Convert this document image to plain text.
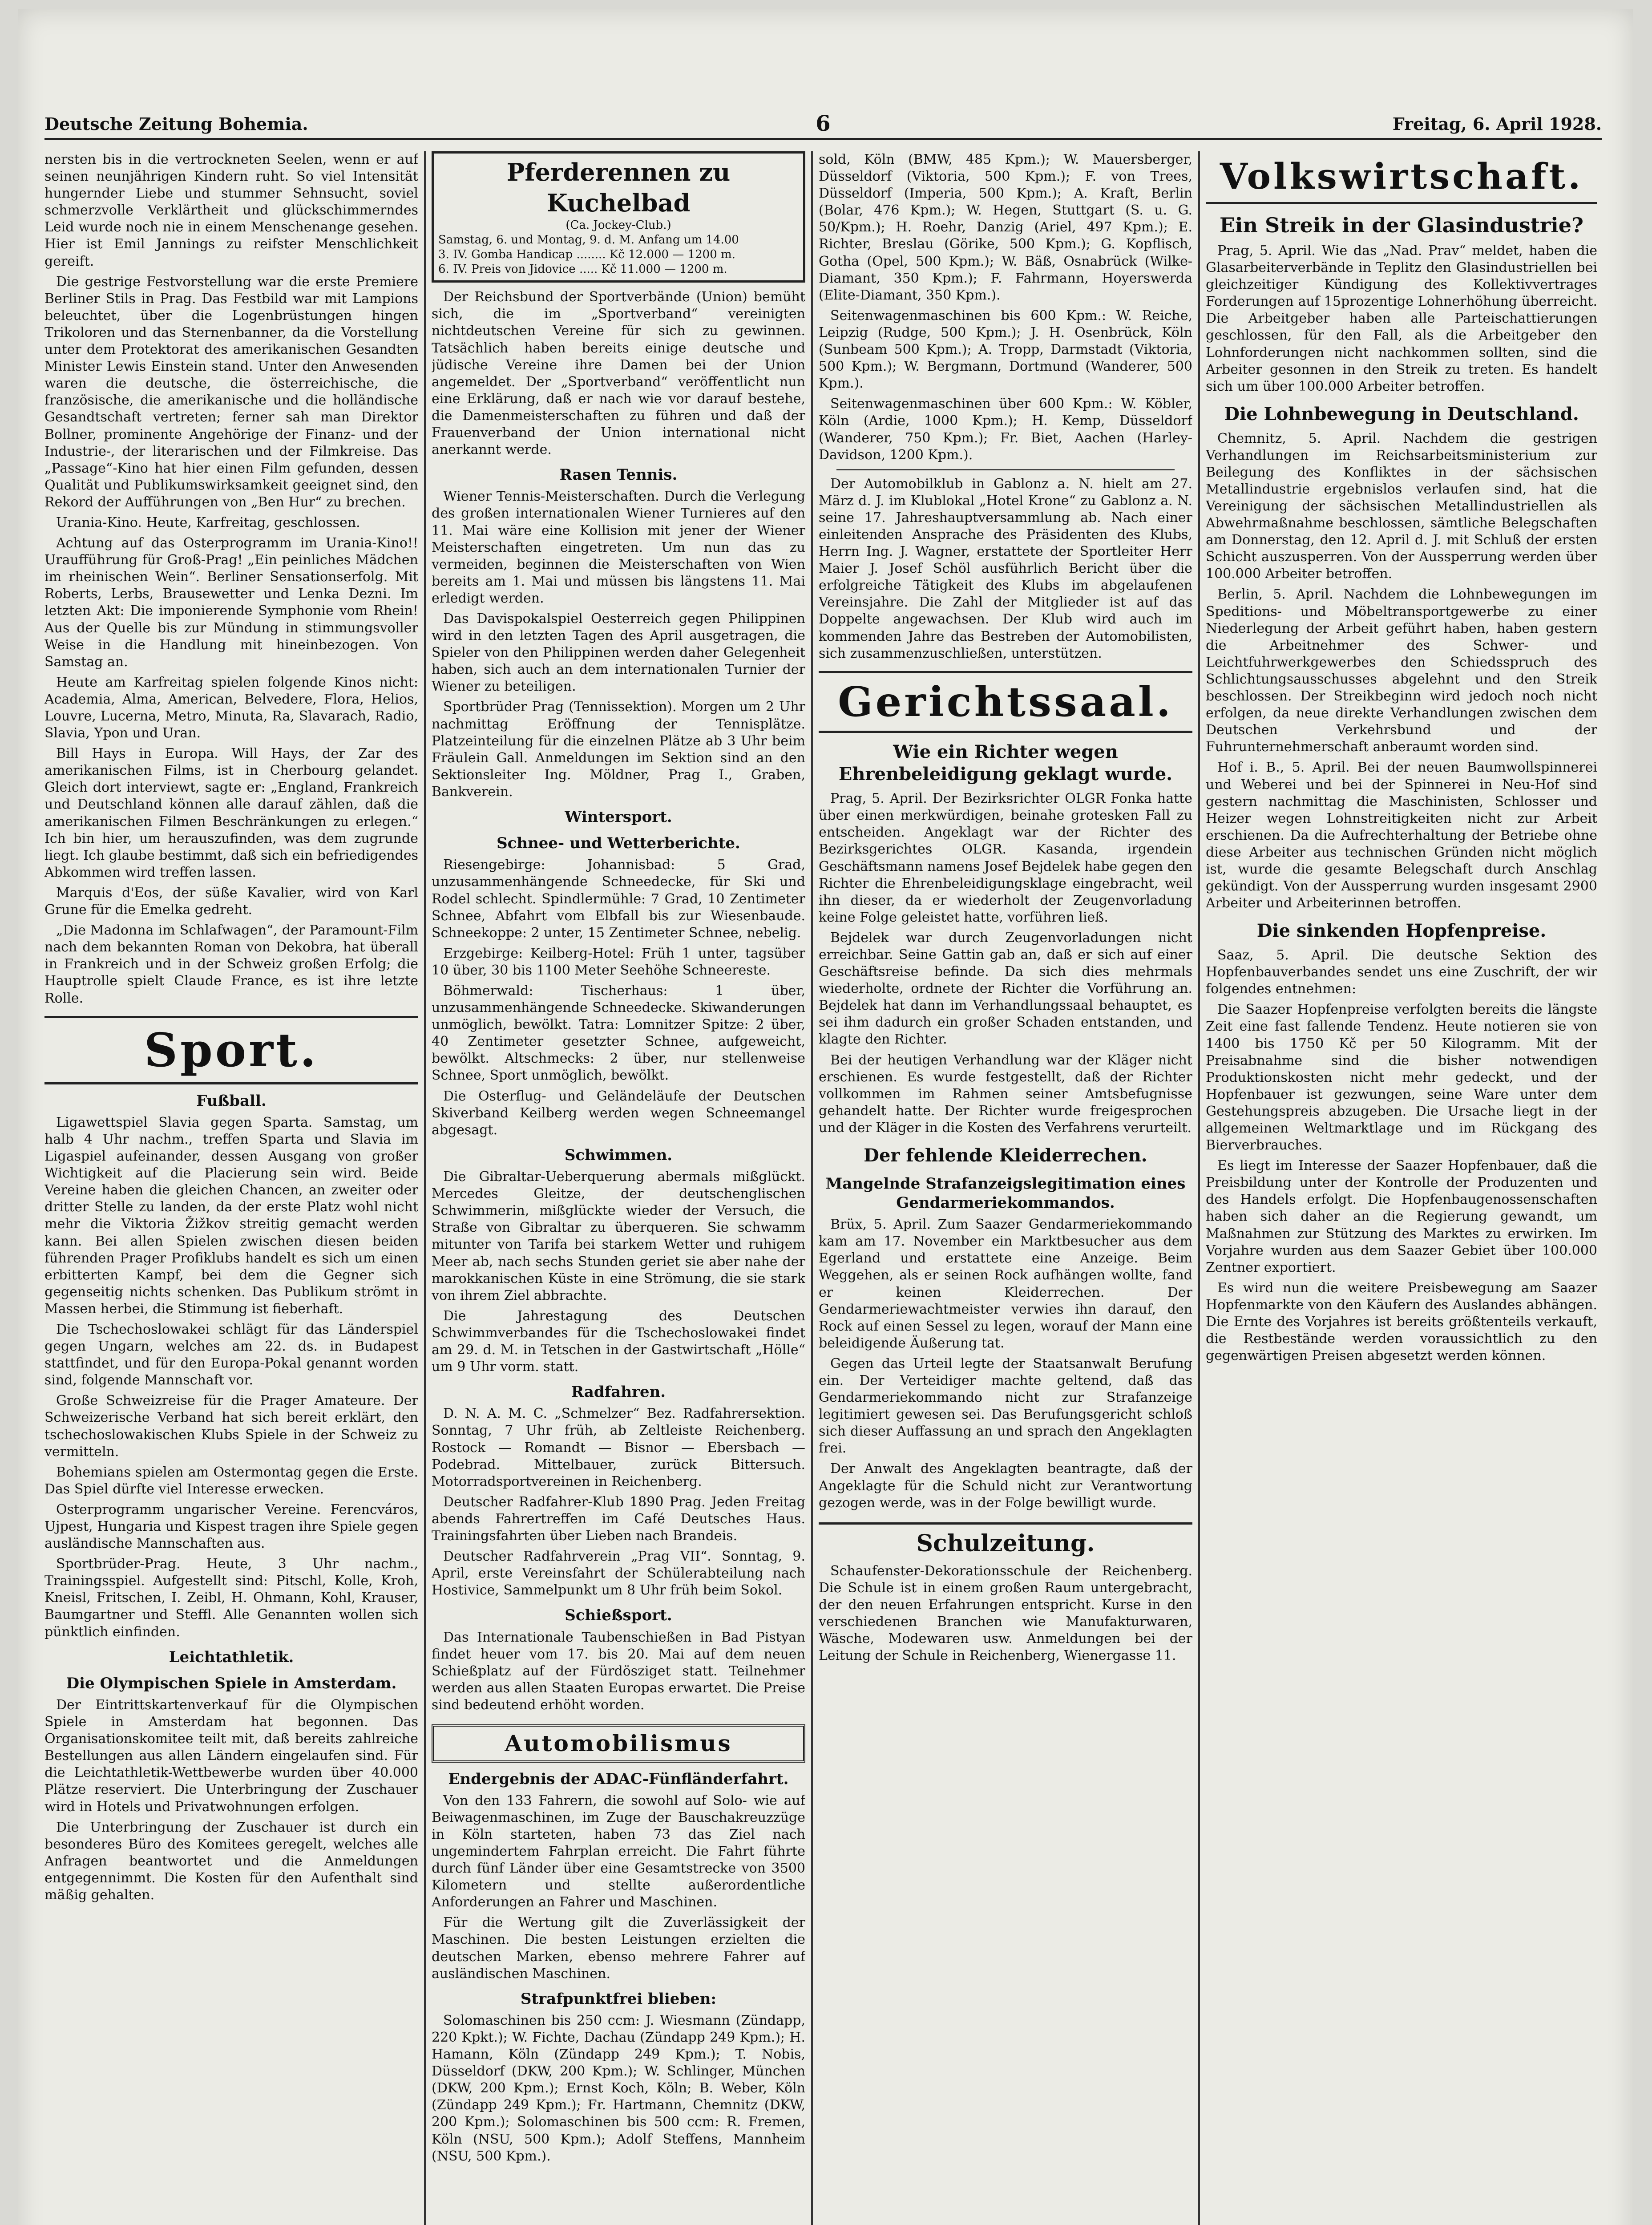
Deutsche Zeitung Bohemia.	6	Freitag, 6. April 1928.

nersten bis in die vertrockneten Seelen, wenn er auf seinen neunjährigen Kindern ruht. So viel Intensität hungernder Liebe und stummer Sehnsucht, soviel schmerzvolle Verklärtheit und glückschimmerndes Leid wurde noch nie in einem Menschenange gesehen. Hier ist Emil Jannings zu reifster Menschlichkeit gereift.

Die gestrige Festvorstellung war die erste Premiere Berliner Stils in Prag. Das Festbild war mit Lampions beleuchtet, über die Logenbrüstungen hingen Trikoloren und das Sternenbanner, da die Vorstellung unter dem Protektorat des amerikanischen Gesandten Minister Lewis Einstein stand. Unter den Anwesenden waren die deutsche, die österreichische, die französische, die amerikanische und die holländische Gesandtschaft vertreten; ferner sah man Direktor Bollner, prominente Angehörige der Finanz- und der Industrie-, der literarischen und der Filmkreise. Das „Passage“-Kino hat hier einen Film gefunden, dessen Qualität und Publikumswirksamkeit geeignet sind, den Rekord der Aufführungen von „Ben Hur“ zu brechen.

Urania-Kino. Heute, Karfreitag, geschlossen.

Achtung auf das Osterprogramm im Urania-Kino!! Uraufführung für Groß-Prag! „Ein peinliches Mädchen im rheinischen Wein“. Berliner Sensationserfolg. Mit Roberts, Lerbs, Brausewetter und Lenka Dezni. Im letzten Akt: Die imponierende Symphonie vom Rhein! Aus der Quelle bis zur Mündung in stimmungsvoller Weise in die Handlung mit hineinbezogen. Von Samstag an.

Heute am Karfreitag spielen folgende Kinos nicht: Academia, Alma, American, Belvedere, Flora, Helios, Louvre, Lucerna, Metro, Minuta, Ra, Slavarach, Radio, Slavia, Ypon und Uran.

Bill Hays in Europa. Will Hays, der Zar des amerikanischen Films, ist in Cherbourg gelandet. Gleich dort interviewt, sagte er: „England, Frankreich und Deutschland können alle darauf zählen, daß die amerikanischen Filmen Beschränkungen zu erlegen.“ Ich bin hier, um herauszufinden, was dem zugrunde liegt. Ich glaube bestimmt, daß sich ein befriedigendes Abkommen wird treffen lassen.

Marquis d'Eos, der süße Kavalier, wird von Karl Grune für die Emelka gedreht.

„Die Madonna im Schlafwagen“, der Paramount-Film nach dem bekannten Roman von Dekobra, hat überall in Frankreich und in der Schweiz großen Erfolg; die Hauptrolle spielt Claude France, es ist ihre letzte Rolle.

Sport.
Fußball.

Ligawettspiel Slavia gegen Sparta. Samstag, um halb 4 Uhr nachm., treffen Sparta und Slavia im Ligaspiel aufeinander, dessen Ausgang von großer Wichtigkeit auf die Placierung sein wird. Beide Vereine haben die gleichen Chancen, an zweiter oder dritter Stelle zu landen, da der erste Platz wohl nicht mehr die Viktoria Žižkov streitig gemacht werden kann. Bei allen Spielen zwischen diesen beiden führenden Prager Profiklubs handelt es sich um einen erbitterten Kampf, bei dem die Gegner sich gegenseitig nichts schenken. Das Publikum strömt in Massen herbei, die Stimmung ist fieberhaft.

Die Tschechoslowakei schlägt für das Länderspiel gegen Ungarn, welches am 22. ds. in Budapest stattfindet, und für den Europa-Pokal genannt worden sind, folgende Mannschaft vor.

Große Schweizreise für die Prager Amateure. Der Schweizerische Verband hat sich bereit erklärt, den tschechoslowakischen Klubs Spiele in der Schweiz zu vermitteln.

Bohemians spielen am Ostermontag gegen die Erste. Das Spiel dürfte viel Interesse erwecken.

Osterprogramm ungarischer Vereine. Ferencváros, Ujpest, Hungaria und Kispest tragen ihre Spiele gegen ausländische Mannschaften aus.

Sportbrüder-Prag. Heute, 3 Uhr nachm., Trainingsspiel. Aufgestellt sind: Pitschl, Kolle, Kroh, Kneisl, Fritschen, I. Zeibl, H. Ohmann, Kohl, Krauser, Baumgartner und Steffl. Alle Genannten wollen sich pünktlich einfinden.

Leichtathletik.
Die Olympischen Spiele in Amsterdam.

Der Eintrittskartenverkauf für die Olympischen Spiele in Amsterdam hat begonnen. Das Organisationskomitee teilt mit, daß bereits zahlreiche Bestellungen aus allen Ländern eingelaufen sind. Für die Leichtathletik-Wettbewerbe wurden über 40.000 Plätze reserviert. Die Unterbringung der Zuschauer wird in Hotels und Privatwohnungen erfolgen.

Die Unterbringung der Zuschauer ist durch ein besonderes Büro des Komitees geregelt, welches alle Anfragen beantwortet und die Anmeldungen entgegennimmt. Die Kosten für den Aufenthalt sind mäßig gehalten.

Pferderennen zu Kuchelbad
(Ca. Jockey-Club.)
Samstag, 6. und Montag, 9. d. M. Anfang um 14.00
3. IV. Gomba Handicap ........ Kč 12.000 — 1200 m.
6. IV. Preis von Jidovice ..... Kč 11.000 — 1200 m.

Der Reichsbund der Sportverbände (Union) bemüht sich, die im „Sportverband“ vereinigten nichtdeutschen Vereine für sich zu gewinnen. Tatsächlich haben bereits einige deutsche und jüdische Vereine ihre Damen bei der Union angemeldet. Der „Sportverband“ veröffentlicht nun eine Erklärung, daß er nach wie vor darauf bestehe, die Damenmeisterschaften zu führen und daß der Frauenverband der Union international nicht anerkannt werde.

Rasen Tennis.

Wiener Tennis-Meisterschaften. Durch die Verlegung des großen internationalen Wiener Turnieres auf den 11. Mai wäre eine Kollision mit jener der Wiener Meisterschaften eingetreten. Um nun das zu vermeiden, beginnen die Meisterschaften von Wien bereits am 1. Mai und müssen bis längstens 11. Mai erledigt werden.

Das Davispokalspiel Oesterreich gegen Philippinen wird in den letzten Tagen des April ausgetragen, die Spieler von den Philippinen werden daher Gelegenheit haben, sich auch an dem internationalen Turnier der Wiener zu beteiligen.

Sportbrüder Prag (Tennissektion). Morgen um 2 Uhr nachmittag Eröffnung der Tennisplätze. Platzeinteilung für die einzelnen Plätze ab 3 Uhr beim Fräulein Gall. Anmeldungen im Sektion sind an den Sektionsleiter Ing. Möldner, Prag I., Graben, Bankverein.

Wintersport.
Schnee- und Wetterberichte.

Riesengebirge: Johannisbad: 5 Grad, unzusammenhängende Schneedecke, für Ski und Rodel schlecht. Spindlermühle: 7 Grad, 10 Zentimeter Schnee, Abfahrt vom Elbfall bis zur Wiesenbaude. Schneekoppe: 2 unter, 15 Zentimeter Schnee, nebelig.

Erzgebirge: Keilberg-Hotel: Früh 1 unter, tagsüber 10 über, 30 bis 1100 Meter Seehöhe Schneereste.

Böhmerwald: Tischerhaus: 1 über, unzusammenhängende Schneedecke. Skiwanderungen unmöglich, bewölkt. Tatra: Lomnitzer Spitze: 2 über, 40 Zentimeter gesetzter Schnee, aufgeweicht, bewölkt. Altschmecks: 2 über, nur stellenweise Schnee, Sport unmöglich, bewölkt.

Die Osterflug- und Geländeläufe der Deutschen Skiverband Keilberg werden wegen Schneemangel abgesagt.

Schwimmen.

Die Gibraltar-Ueberquerung abermals mißglückt. Mercedes Gleitze, der deutschenglischen Schwimmerin, mißglückte wieder der Versuch, die Straße von Gibraltar zu überqueren. Sie schwamm mitunter von Tarifa bei starkem Wetter und ruhigem Meer ab, nach sechs Stunden geriet sie aber nahe der marokkanischen Küste in eine Strömung, die sie stark von ihrem Ziel abbrachte.

Die Jahrestagung des Deutschen Schwimmverbandes für die Tschechoslowakei findet am 29. d. M. in Tetschen in der Gastwirtschaft „Hölle“ um 9 Uhr vorm. statt.

Radfahren.

D. N. A. M. C. „Schmelzer“ Bez. Radfahrersektion. Sonntag, 7 Uhr früh, ab Zeltleiste Reichenberg. Rostock — Romandt — Bisnor — Ebersbach — Podebrad. Mittelbauer, zurück Bittersuch. Motorradsportvereinen in Reichenberg.

Deutscher Radfahrer-Klub 1890 Prag. Jeden Freitag abends Fahrertreffen im Café Deutsches Haus. Trainingsfahrten über Lieben nach Brandeis.

Deutscher Radfahrverein „Prag VII“. Sonntag, 9. April, erste Vereinsfahrt der Schülerabteilung nach Hostivice, Sammelpunkt um 8 Uhr früh beim Sokol.

Schießsport.

Das Internationale Taubenschießen in Bad Pistyan findet heuer vom 17. bis 20. Mai auf dem neuen Schießplatz auf der Fürdösziget statt. Teilnehmer werden aus allen Staaten Europas erwartet. Die Preise sind bedeutend erhöht worden.

Automobilismus
Endergebnis der ADAC-Fünfländerfahrt.

Von den 133 Fahrern, die sowohl auf Solo- wie auf Beiwagenmaschinen, im Zuge der Bauschakreuzzüge in Köln starteten, haben 73 das Ziel nach ungemindertem Fahrplan erreicht. Die Fahrt führte durch fünf Länder über eine Gesamtstrecke von 3500 Kilometern und stellte außerordentliche Anforderungen an Fahrer und Maschinen.

Für die Wertung gilt die Zuverlässigkeit der Maschinen. Die besten Leistungen erzielten die deutschen Marken, ebenso mehrere Fahrer auf ausländischen Maschinen.

Strafpunktfrei blieben:

Solomaschinen bis 250 ccm: J. Wiesmann (Zündapp, 220 Kpkt.); W. Fichte, Dachau (Zündapp 249 Kpm.); H. Hamann, Köln (Zündapp 249 Kpm.); T. Nobis, Düsseldorf (DKW, 200 Kpm.); W. Schlinger, München (DKW, 200 Kpm.); Ernst Koch, Köln; B. Weber, Köln (Zündapp 249 Kpm.); Fr. Hartmann, Chemnitz (DKW, 200 Kpm.); Solomaschinen bis 500 ccm: R. Fremen, Köln (NSU, 500 Kpm.); Adolf Steffens, Mannheim (NSU, 500 Kpm.).

sold, Köln (BMW, 485 Kpm.); W. Mauersberger, Düsseldorf (Viktoria, 500 Kpm.); F. von Trees, Düsseldorf (Imperia, 500 Kpm.); A. Kraft, Berlin (Bolar, 476 Kpm.); W. Hegen, Stuttgart (S. u. G. 50/Kpm.); H. Roehr, Danzig (Ariel, 497 Kpm.); E. Richter, Breslau (Görike, 500 Kpm.); G. Kopflisch, Gotha (Opel, 500 Kpm.); W. Bäß, Osnabrück (Wilke-Diamant, 350 Kpm.); F. Fahrmann, Hoyerswerda (Elite-Diamant, 350 Kpm.).

Seitenwagenmaschinen bis 600 Kpm.: W. Reiche, Leipzig (Rudge, 500 Kpm.); J. H. Osenbrück, Köln (Sunbeam 500 Kpm.); A. Tropp, Darmstadt (Viktoria, 500 Kpm.); W. Bergmann, Dortmund (Wanderer, 500 Kpm.).

Seitenwagenmaschinen über 600 Kpm.: W. Köbler, Köln (Ardie, 1000 Kpm.); H. Kemp, Düsseldorf (Wanderer, 750 Kpm.); Fr. Biet, Aachen (Harley-Davidson, 1200 Kpm.).

Der Automobilklub in Gablonz a. N. hielt am 27. März d. J. im Klublokal „Hotel Krone“ zu Gablonz a. N. seine 17. Jahreshauptversammlung ab. Nach einer einleitenden Ansprache des Präsidenten des Klubs, Herrn Ing. J. Wagner, erstattete der Sportleiter Herr Maier J. Josef Schöl ausführlich Bericht über die erfolgreiche Tätigkeit des Klubs im abgelaufenen Vereinsjahre. Die Zahl der Mitglieder ist auf das Doppelte angewachsen. Der Klub wird auch im kommenden Jahre das Bestreben der Automobilisten, sich zusammenzuschließen, unterstützen.

Gerichtssaal.
Wie ein Richter wegen Ehrenbeleidigung geklagt wurde.

Prag, 5. April. Der Bezirksrichter OLGR Fonka hatte über einen merkwürdigen, beinahe grotesken Fall zu entscheiden. Angeklagt war der Richter des Bezirksgerichtes OLGR. Kasanda, irgendein Geschäftsmann namens Josef Bejdelek habe gegen den Richter die Ehrenbeleidigungsklage eingebracht, weil ihn dieser, da er wiederholt der Zeugenvorladung keine Folge geleistet hatte, vorführen ließ.

Bejdelek war durch Zeugenvorladungen nicht erreichbar. Seine Gattin gab an, daß er sich auf einer Geschäftsreise befinde. Da sich dies mehrmals wiederholte, ordnete der Richter die Vorführung an. Bejdelek hat dann im Verhandlungssaal behauptet, es sei ihm dadurch ein großer Schaden entstanden, und klagte den Richter.

Bei der heutigen Verhandlung war der Kläger nicht erschienen. Es wurde festgestellt, daß der Richter vollkommen im Rahmen seiner Amtsbefugnisse gehandelt hatte. Der Richter wurde freigesprochen und der Kläger in die Kosten des Verfahrens verurteilt.

Der fehlende Kleiderrechen.
Mangelnde Strafanzeigslegitimation eines Gendarmeriekommandos.

Brüx, 5. April. Zum Saazer Gendarmeriekommando kam am 17. November ein Marktbesucher aus dem Egerland und erstattete eine Anzeige. Beim Weggehen, als er seinen Rock aufhängen wollte, fand er keinen Kleiderrechen. Der Gendarmeriewachtmeister verwies ihn darauf, den Rock auf einen Sessel zu legen, worauf der Mann eine beleidigende Äußerung tat.

Gegen das Urteil legte der Staatsanwalt Berufung ein. Der Verteidiger machte geltend, daß das Gendarmeriekommando nicht zur Strafanzeige legitimiert gewesen sei. Das Berufungsgericht schloß sich dieser Auffassung an und sprach den Angeklagten frei.

Der Anwalt des Angeklagten beantragte, daß der Angeklagte für die Schuld nicht zur Verantwortung gezogen werde, was in der Folge bewilligt wurde.

Schulzeitung.

Schaufenster-Dekorationsschule der Reichenberg. Die Schule ist in einem großen Raum untergebracht, der den neuen Erfahrungen entspricht. Kurse in den verschiedenen Branchen wie Manufakturwaren, Wäsche, Modewaren usw. Anmeldungen bei der Leitung der Schule in Reichenberg, Wienergasse 11.

Volkswirtschaft.
Ein Streik in der Glasindustrie?

Prag, 5. April. Wie das „Nad. Prav“ meldet, haben die Glasarbeiterverbände in Teplitz den Glasindustriellen bei gleichzeitiger Kündigung des Kollektivvertrages Forderungen auf 15prozentige Lohnerhöhung überreicht. Die Arbeitgeber haben alle Parteischattierungen geschlossen, für den Fall, als die Arbeitgeber den Lohnforderungen nicht nachkommen sollten, sind die Arbeiter gesonnen in den Streik zu treten. Es handelt sich um über 100.000 Arbeiter betroffen.

Die Lohnbewegung in Deutschland.

Chemnitz, 5. April. Nachdem die gestrigen Verhandlungen im Reichsarbeitsministerium zur Beilegung des Konfliktes in der sächsischen Metallindustrie ergebnislos verlaufen sind, hat die Vereinigung der sächsischen Metallindustriellen als Abwehrmaßnahme beschlossen, sämtliche Belegschaften am Donnerstag, den 12. April d. J. mit Schluß der ersten Schicht auszusperren. Von der Aussperrung werden über 100.000 Arbeiter betroffen.

Berlin, 5. April. Nachdem die Lohnbewegungen im Speditions- und Möbeltransportgewerbe zu einer Niederlegung der Arbeit geführt haben, haben gestern die Arbeitnehmer des Schwer- und Leichtfuhrwerkgewerbes den Schiedsspruch des Schlichtungsausschusses abgelehnt und den Streik beschlossen. Der Streikbeginn wird jedoch noch nicht erfolgen, da neue direkte Verhandlungen zwischen dem Deutschen Verkehrsbund und der Fuhrunternehmerschaft anberaumt worden sind.

Hof i. B., 5. April. Bei der neuen Baumwollspinnerei und Weberei und bei der Spinnerei in Neu-Hof sind gestern nachmittag die Maschinisten, Schlosser und Heizer wegen Lohnstreitigkeiten nicht zur Arbeit erschienen. Da die Aufrechterhaltung der Betriebe ohne diese Arbeiter aus technischen Gründen nicht möglich ist, wurde die gesamte Belegschaft durch Anschlag gekündigt. Von der Aussperrung wurden insgesamt 2900 Arbeiter und Arbeiterinnen betroffen.

Die sinkenden Hopfenpreise.

Saaz, 5. April. Die deutsche Sektion des Hopfenbauverbandes sendet uns eine Zuschrift, der wir folgendes entnehmen:

Die Saazer Hopfenpreise verfolgten bereits die längste Zeit eine fast fallende Tendenz. Heute notieren sie von 1400 bis 1750 Kč per 50 Kilogramm. Mit der Preisabnahme sind die bisher notwendigen Produktionskosten nicht mehr gedeckt, und der Hopfenbauer ist gezwungen, seine Ware unter dem Gestehungspreis abzugeben. Die Ursache liegt in der allgemeinen Weltmarktlage und im Rückgang des Bierverbrauches.

Es liegt im Interesse der Saazer Hopfenbauer, daß die Preisbildung unter der Kontrolle der Produzenten und des Handels erfolgt. Die Hopfenbaugenossenschaften haben sich daher an die Regierung gewandt, um Maßnahmen zur Stützung des Marktes zu erwirken. Im Vorjahre wurden aus dem Saazer Gebiet über 100.000 Zentner exportiert.

Es wird nun die weitere Preisbewegung am Saazer Hopfenmarkte von den Käufern des Auslandes abhängen. Die Ernte des Vorjahres ist bereits größtenteils verkauft, die Restbestände werden voraussichtlich zu den gegenwärtigen Preisen abgesetzt werden können.
